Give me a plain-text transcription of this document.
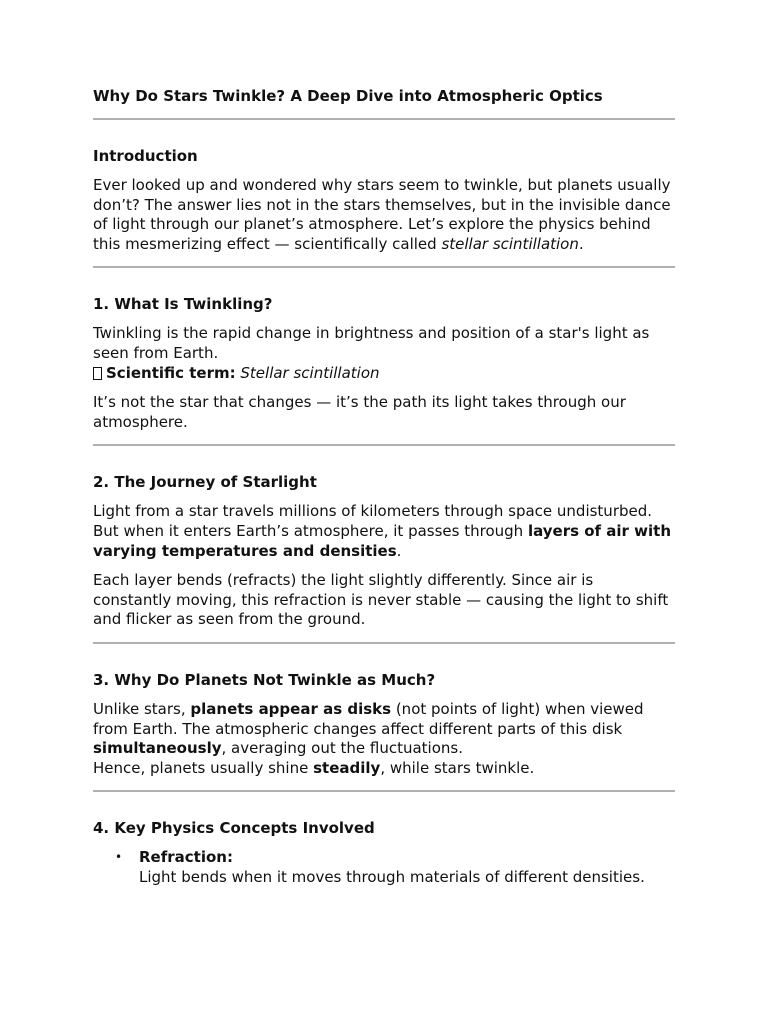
Why Do Stars Twinkle? A Deep Dive into Atmospheric Optics
Introduction

Ever looked up and wondered why stars seem to twinkle, but planets usually don’t? The answer lies not in the stars themselves, but in the invisible dance of light through our planet’s atmosphere. Let’s explore the physics behind this mesmerizing effect — scientifically called stellar scintillation.

1. What Is Twinkling?

Twinkling is the rapid change in brightness and position of a star's light as seen from Earth.
Scientific term: Stellar scintillation

It’s not the star that changes — it’s the path its light takes through our atmosphere.

2. The Journey of Starlight

Light from a star travels millions of kilometers through space undisturbed. But when it enters Earth’s atmosphere, it passes through layers of air with varying temperatures and densities.

Each layer bends (refracts) the light slightly differently. Since air is constantly moving, this refraction is never stable — causing the light to shift and flicker as seen from the ground.

3. Why Do Planets Not Twinkle as Much?

Unlike stars, planets appear as disks (not points of light) when viewed from Earth. The atmospheric changes affect different parts of this disk simultaneously, averaging out the fluctuations.
Hence, planets usually shine steadily, while stars twinkle.

4. Key Physics Concepts Involved
• Refraction:
Light bends when it moves through materials of different densities.
